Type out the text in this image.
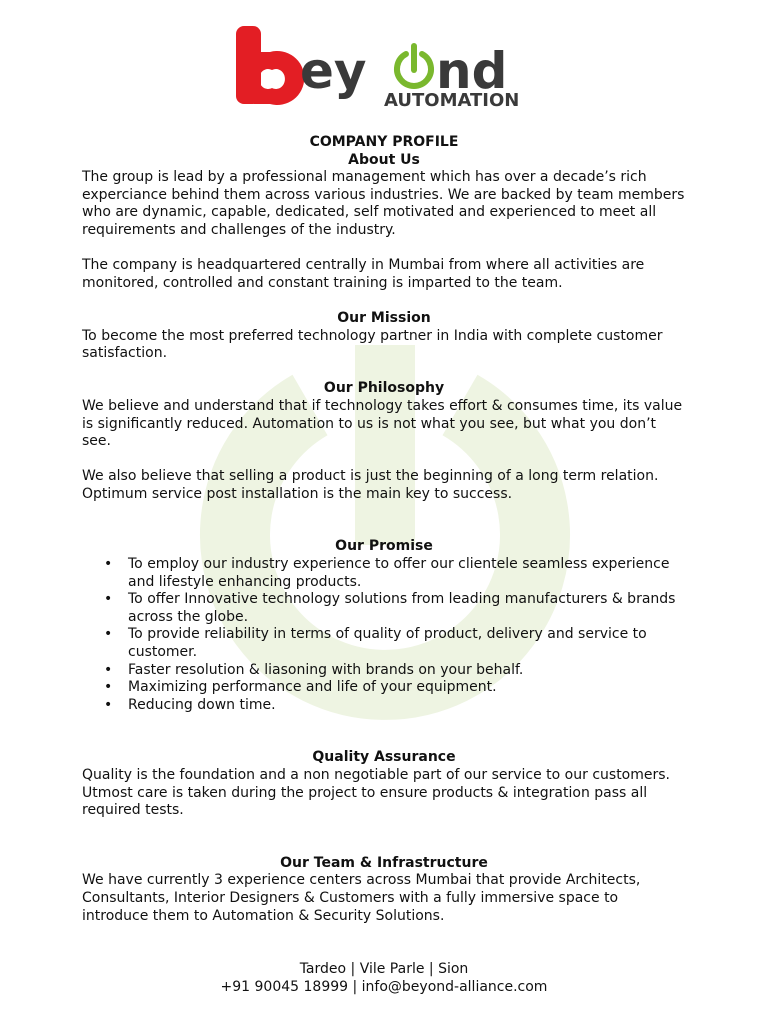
ey nd
AUTOMATION
COMPANY PROFILE
About Us

The group is lead by a professional management which has over a decade’s rich experciance behind them across various industries. We are backed by team members who are dynamic, capable, dedicated, self motivated and experienced to meet all requirements and challenges of the industry.

The company is headquartered centrally in Mumbai from where all activities are monitored, controlled and constant training is imparted to the team.

Our Mission

To become the most preferred technology partner in India with complete customer satisfaction.

Our Philosophy

We believe and understand that if technology takes effort & consumes time, its value is significantly reduced. Automation to us is not what you see, but what you don’t see.

We also believe that selling a product is just the beginning of a long term relation. Optimum service post installation is the main key to success.

Our Promise
• To employ our industry experience to offer our clientele seamless experience and lifestyle enhancing products.
• To offer Innovative technology solutions from leading manufacturers & brands across the globe.
• To provide reliability in terms of quality of product, delivery and service to customer.
• Faster resolution & liasoning with brands on your behalf.
• Maximizing performance and life of your equipment.
• Reducing down time.
Quality Assurance

Quality is the foundation and a non negotiable part of our service to our customers. Utmost care is taken during the project to ensure products & integration pass all required tests.

Our Team & Infrastructure

We have currently 3 experience centers across Mumbai that provide Architects, Consultants, Interior Designers & Customers with a fully immersive space to introduce them to Automation & Security Solutions.

Tardeo | Vile Parle | Sion
+91 90045 18999 | info@beyond-alliance.com
